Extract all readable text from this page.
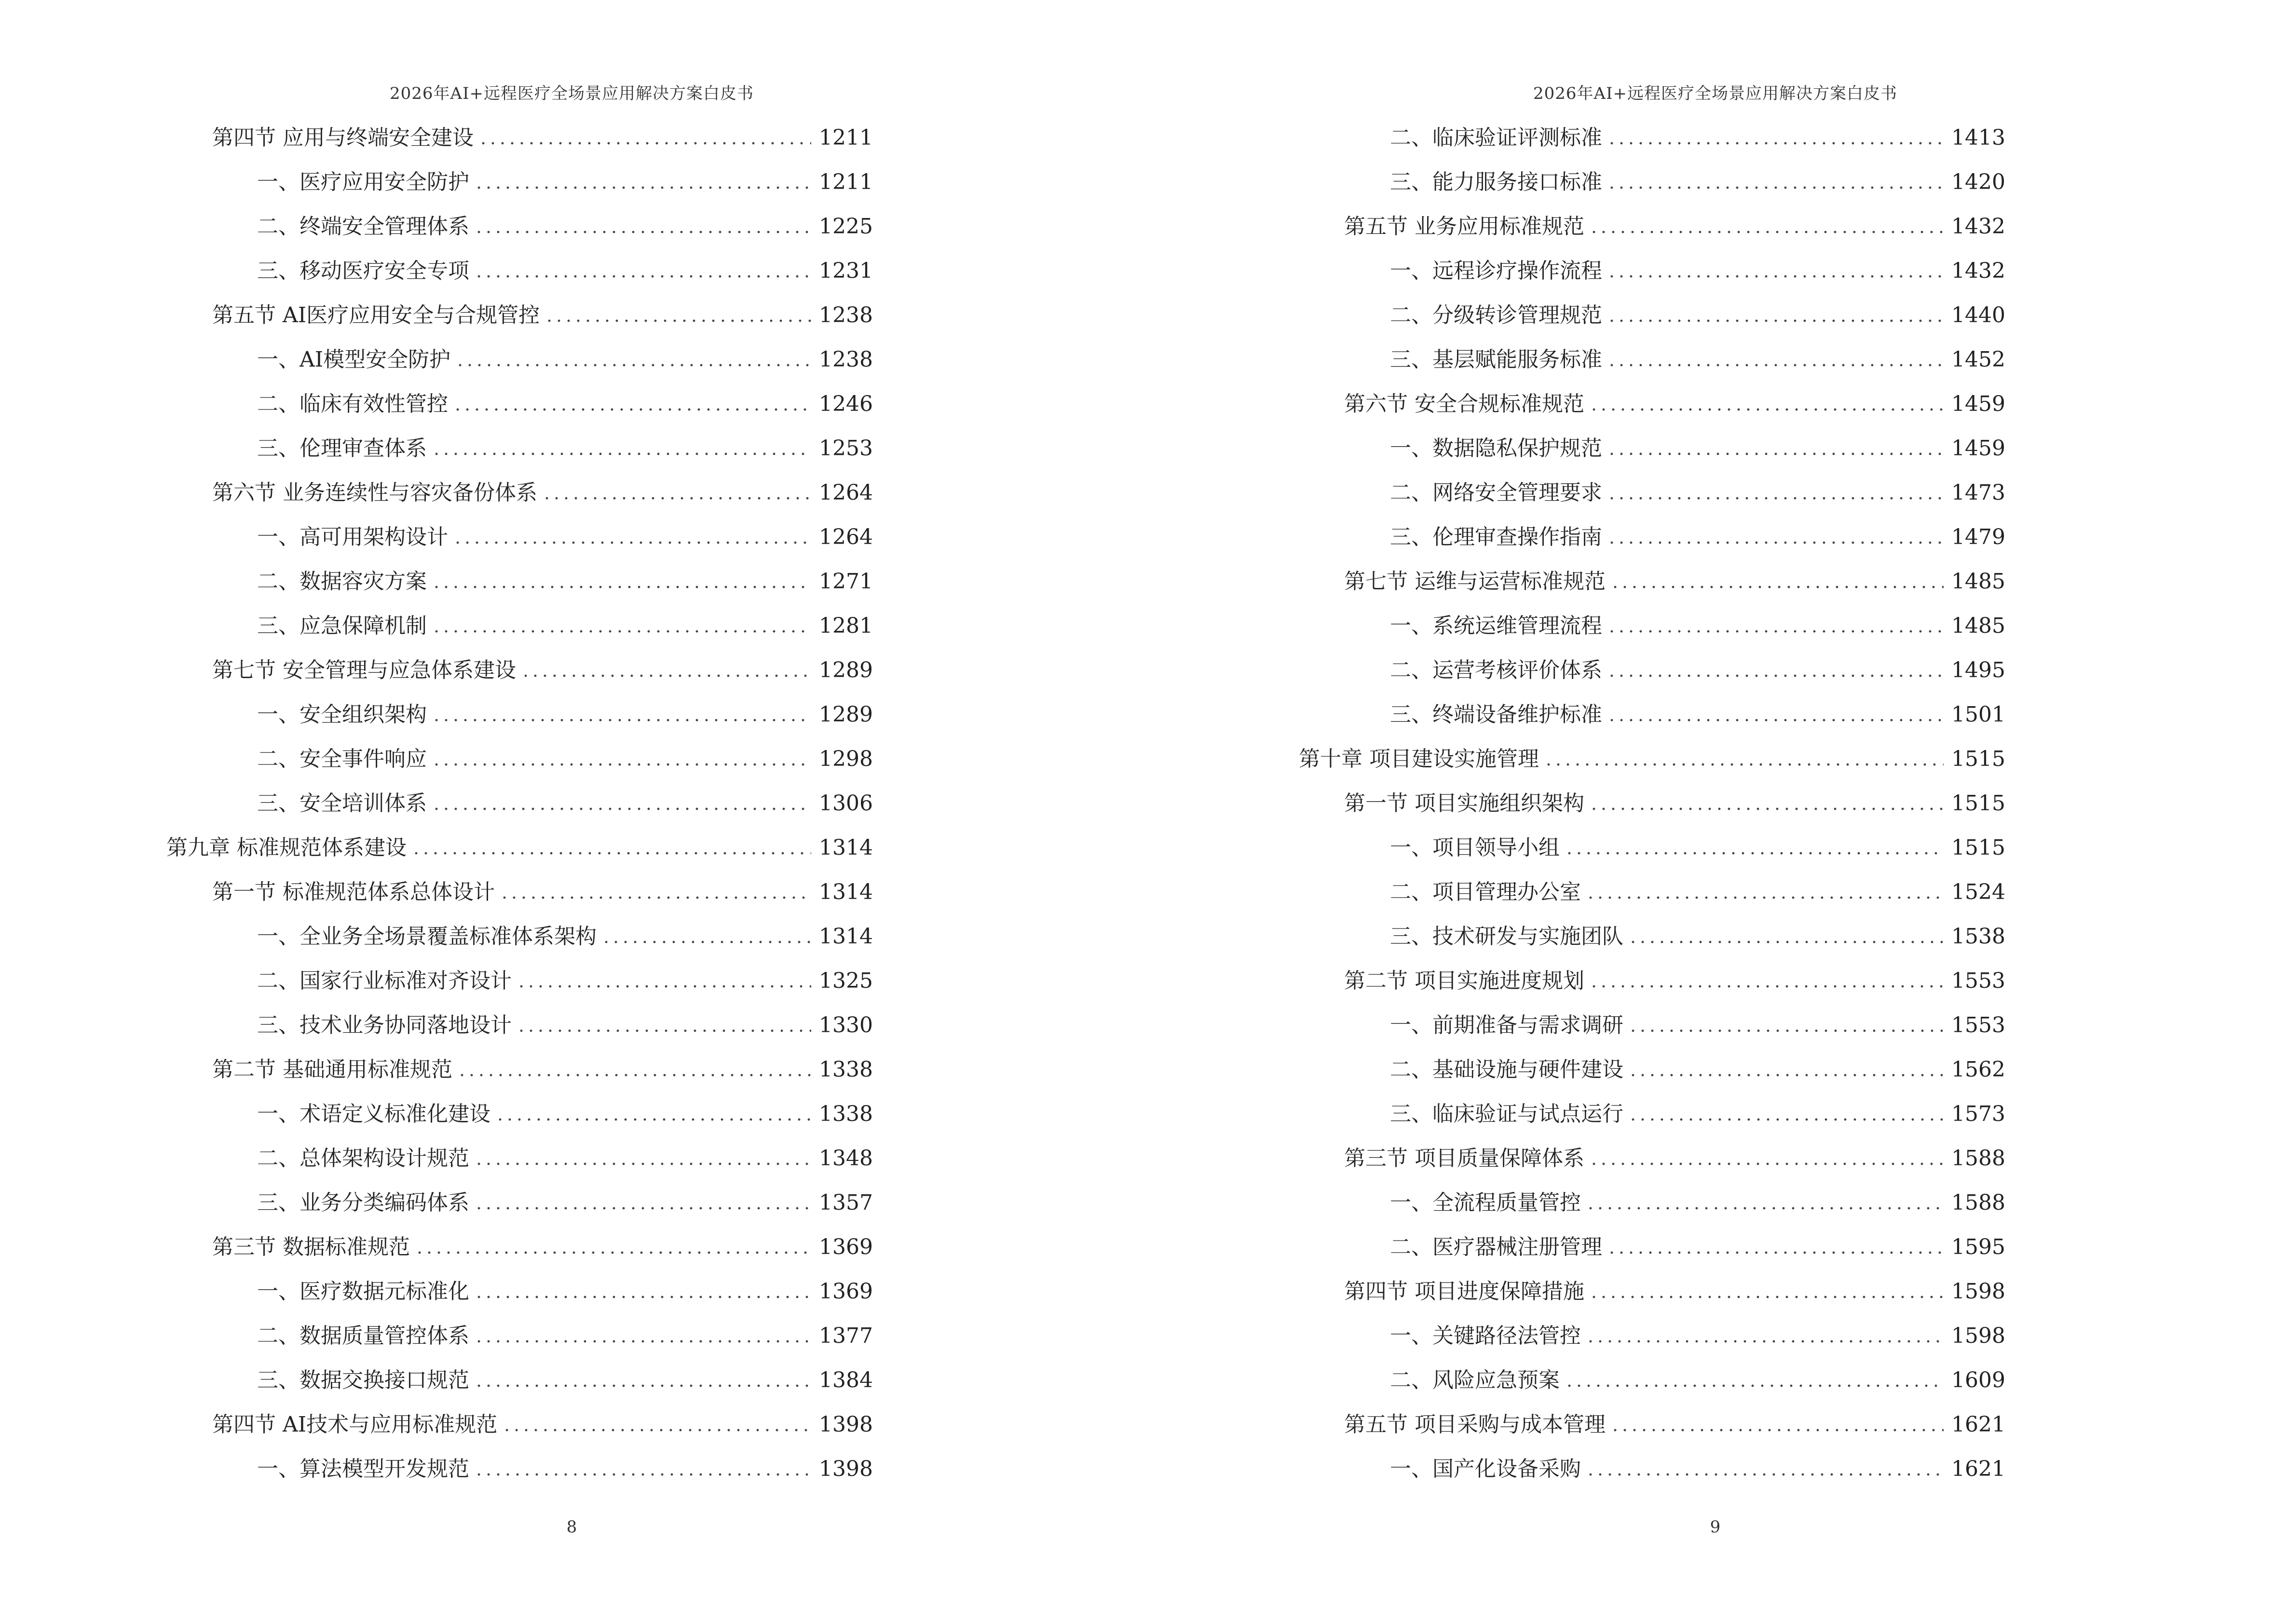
2026年AI+远程医疗全场景应用解决方案白皮书
第四节 应用与终端安全建设	1211
一、医疗应用安全防护	1211
二、终端安全管理体系	1225
三、移动医疗安全专项	1231
第五节 AI医疗应用安全与合规管控	1238
一、AI模型安全防护	1238
二、临床有效性管控	1246
三、伦理审查体系	1253
第六节 业务连续性与容灾备份体系	1264
一、高可用架构设计	1264
二、数据容灾方案	1271
三、应急保障机制	1281
第七节 安全管理与应急体系建设	1289
一、安全组织架构	1289
二、安全事件响应	1298
三、安全培训体系	1306
第九章 标准规范体系建设	1314
第一节 标准规范体系总体设计	1314
一、全业务全场景覆盖标准体系架构	1314
二、国家行业标准对齐设计	1325
三、技术业务协同落地设计	1330
第二节 基础通用标准规范	1338
一、术语定义标准化建设	1338
二、总体架构设计规范	1348
三、业务分类编码体系	1357
第三节 数据标准规范	1369
一、医疗数据元标准化	1369
二、数据质量管控体系	1377
三、数据交换接口规范	1384
第四节 AI技术与应用标准规范	1398
一、算法模型开发规范	1398
8
2026年AI+远程医疗全场景应用解决方案白皮书
二、临床验证评测标准	1413
三、能力服务接口标准	1420
第五节 业务应用标准规范	1432
一、远程诊疗操作流程	1432
二、分级转诊管理规范	1440
三、基层赋能服务标准	1452
第六节 安全合规标准规范	1459
一、数据隐私保护规范	1459
二、网络安全管理要求	1473
三、伦理审查操作指南	1479
第七节 运维与运营标准规范	1485
一、系统运维管理流程	1485
二、运营考核评价体系	1495
三、终端设备维护标准	1501
第十章 项目建设实施管理	1515
第一节 项目实施组织架构	1515
一、项目领导小组	1515
二、项目管理办公室	1524
三、技术研发与实施团队	1538
第二节 项目实施进度规划	1553
一、前期准备与需求调研	1553
二、基础设施与硬件建设	1562
三、临床验证与试点运行	1573
第三节 项目质量保障体系	1588
一、全流程质量管控	1588
二、医疗器械注册管理	1595
第四节 项目进度保障措施	1598
一、关键路径法管控	1598
二、风险应急预案	1609
第五节 项目采购与成本管理	1621
一、国产化设备采购	1621
9
